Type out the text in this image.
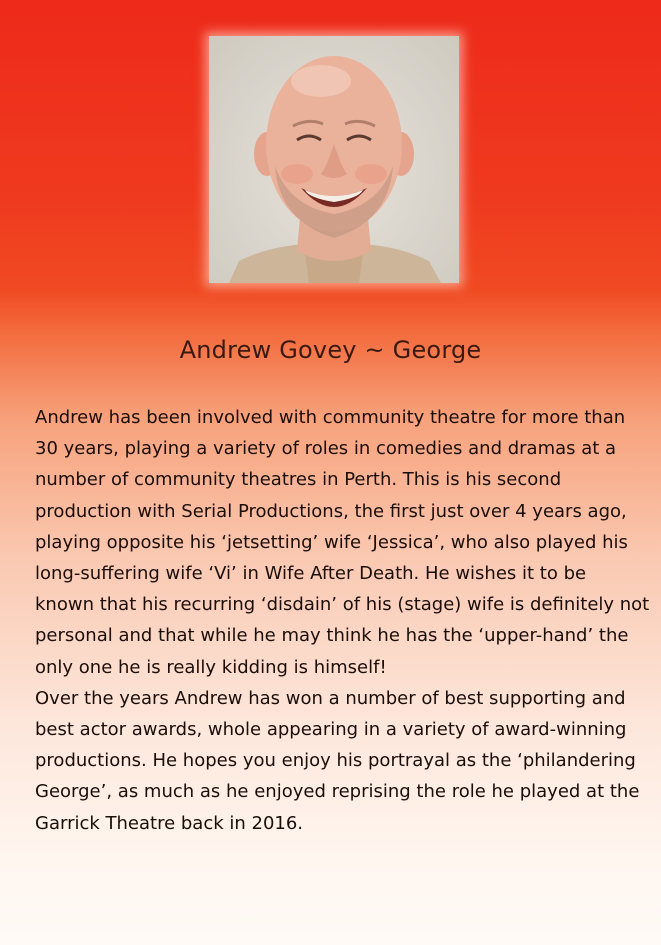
Andrew Govey ~ George
Andrew has been involved with community theatre for more than
30 years, playing a variety of roles in comedies and dramas at a
number of community theatres in Perth. This is his second
production with Serial Productions, the first just over 4 years ago,
playing opposite his ‘jetsetting’ wife ‘Jessica’, who also played his
long-suffering wife ‘Vi’ in Wife After Death. He wishes it to be
known that his recurring ‘disdain’ of his (stage) wife is definitely not
personal and that while he may think he has the ‘upper-hand’ the
only one he is really kidding is himself!
Over the years Andrew has won a number of best supporting and
best actor awards, whole appearing in a variety of award-winning
productions. He hopes you enjoy his portrayal as the ‘philandering
George’, as much as he enjoyed reprising the role he played at the
Garrick Theatre back in 2016.
